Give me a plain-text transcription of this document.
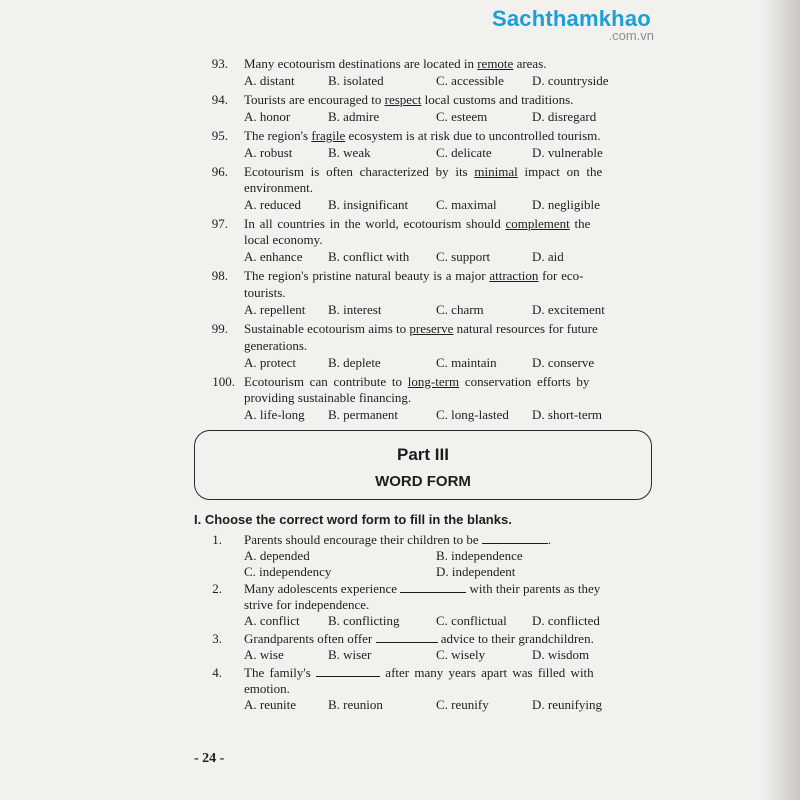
Sachthamkhao
.com.vn
93. Many ecotourism destinations are located in remote areas.
A. distant	B. isolated	C. accessible D. countryside
94. Tourists are encouraged to respect local customs and traditions.
A. honor	B. admire	C. esteem	D. disregard
95. The region's fragile ecosystem is at risk due to uncontrolled tourism.
A. robust	B. weak	C. delicate	D. vulnerable
96. Ecotourism is often characterized by its minimal impact on the
environment.
A. reduced B. insignificant C. maximal	D. negligible
97. In all countries in the world, ecotourism should complement the
local economy.
A. enhance B. conflict with C. support	D. aid
98. The region's pristine natural beauty is a major attraction for eco-
tourists.
A. repellent B. interest	C. charm	D. excitement
99. Sustainable ecotourism aims to preserve natural resources for future
generations.
A. protect B. deplete	C. maintain	D. conserve
100. Ecotourism can contribute to long-term conservation efforts by
providing sustainable financing.
A. life-long B. permanent	C. long-lasted D. short-term
Part III
WORD FORM
I. Choose the correct word form to fill in the blanks.
1. Parents should encourage their children to be	.
A. depended	B. independence
C. independency	D. independent
2. Many adolescents experience	with their parents as they
strive for independence.
A. conflict B. conflicting	C. conflictual D. conflicted
3. Grandparents often offer	advice to their grandchildren.
A. wise	B. wiser	C. wisely	D. wisdom
4. The family's	after many years apart was filled with
emotion.
A. reunite B. reunion	C. reunify	D. reunifying
- 24 -
